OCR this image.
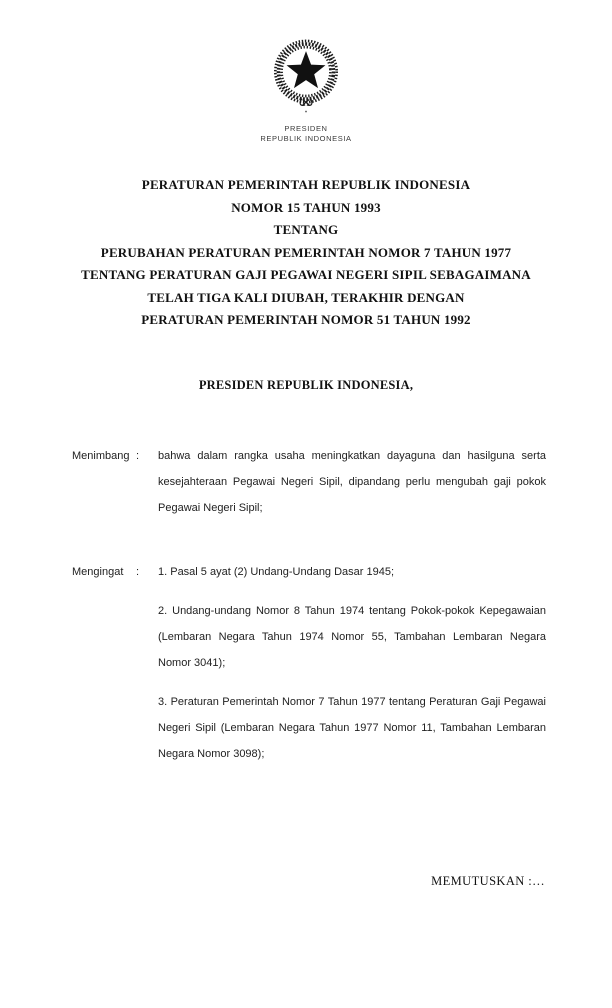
PRESIDEN
REPUBLIK INDONESIA
PERATURAN PEMERINTAH REPUBLIK INDONESIA
NOMOR 15 TAHUN 1993
TENTANG
PERUBAHAN PERATURAN PEMERINTAH NOMOR 7 TAHUN 1977
TENTANG PERATURAN GAJI PEGAWAI NEGERI SIPIL SEBAGAIMANA
TELAH TIGA KALI DIUBAH, TERAKHIR DENGAN
PERATURAN PEMERINTAH NOMOR 51 TAHUN 1992
PRESIDEN REPUBLIK INDONESIA,
Menimbang :	bahwa dalam rangka usaha meningkatkan dayaguna dan hasilguna serta kesejahteraan Pegawai Negeri Sipil, dipandang perlu mengubah gaji pokok Pegawai Negeri Sipil;

Mengingat	:	1. Pasal 5 ayat (2) Undang-Undang Dasar 1945;

2. Undang-undang Nomor 8 Tahun 1974 tentang Pokok-pokok Kepegawaian (Lembaran Negara Tahun 1974 Nomor 55, Tambahan Lembaran Negara Nomor 3041);

3. Peraturan Pemerintah Nomor 7 Tahun 1977 tentang Peraturan Gaji Pegawai Negeri Sipil (Lembaran Negara Tahun 1977 Nomor 11, Tambahan Lembaran Negara Nomor 3098);

MEMUTUSKAN :…
